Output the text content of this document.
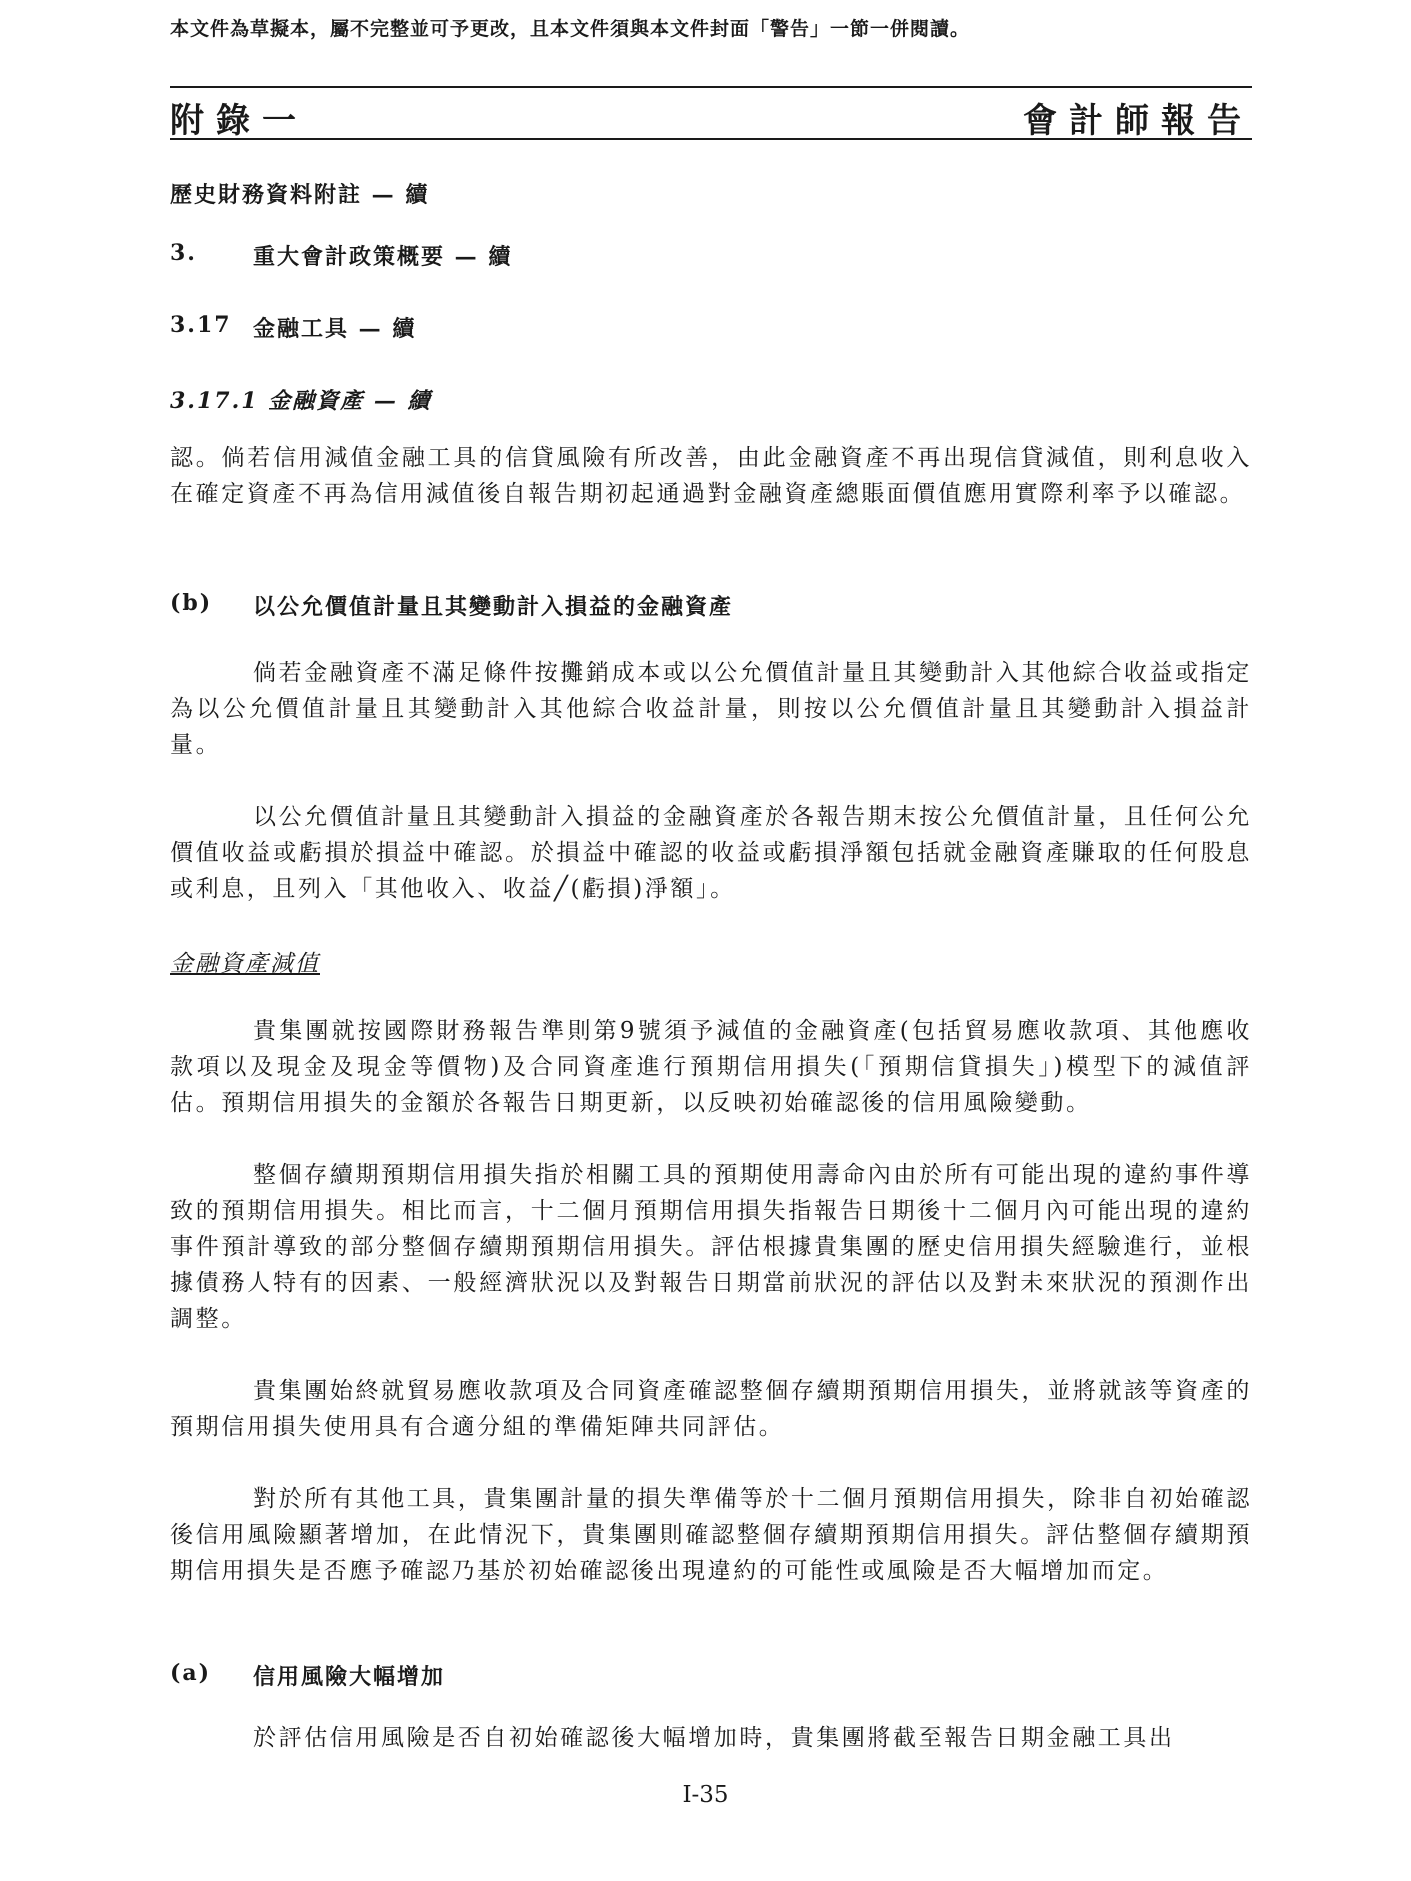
本文件為草擬本，屬不完整並可予更改，且本文件須與本文件封面「警告」一節一併閱讀。
附錄一	會計師報告
歷史財務資料附註 — 續
3.	重大會計政策概要 — 續
3.17 金融工具 — 續
3.17.1 金融資產 — 續
認。倘若信用減值金融工具的信貸風險有所改善，由此金融資產不再出現信貸減值，則利息收入在確定資產不再為信用減值後自報告期初起通過對金融資產總賬面價值應用實際利率予以確認。
(b) 以公允價值計量且其變動計入損益的金融資產
倘若金融資產不滿足條件按攤銷成本或以公允價值計量且其變動計入其他綜合收益或指定為以公允價值計量且其變動計入其他綜合收益計量，則按以公允價值計量且其變動計入損益計量。
以公允價值計量且其變動計入損益的金融資產於各報告期末按公允價值計量，且任何公允價值收益或虧損於損益中確認。於損益中確認的收益或虧損淨額包括就金融資產賺取的任何股息或利息，且列入「其他收入、收益╱(虧損)淨額」。
金融資產減值
貴集團就按國際財務報告準則第9號須予減值的金融資產(包括貿易應收款項、其他應收款項以及現金及現金等價物)及合同資產進行預期信用損失(「預期信貸損失」)模型下的減值評估。預期信用損失的金額於各報告日期更新，以反映初始確認後的信用風險變動。
整個存續期預期信用損失指於相關工具的預期使用壽命內由於所有可能出現的違約事件導致的預期信用損失。相比而言，十二個月預期信用損失指報告日期後十二個月內可能出現的違約事件預計導致的部分整個存續期預期信用損失。評估根據貴集團的歷史信用損失經驗進行，並根據債務人特有的因素、一般經濟狀況以及對報告日期當前狀況的評估以及對未來狀況的預測作出調整。
貴集團始終就貿易應收款項及合同資產確認整個存續期預期信用損失，並將就該等資產的預期信用損失使用具有合適分組的準備矩陣共同評估。
對於所有其他工具，貴集團計量的損失準備等於十二個月預期信用損失，除非自初始確認後信用風險顯著增加，在此情況下，貴集團則確認整個存續期預期信用損失。評估整個存續期預期信用損失是否應予確認乃基於初始確認後出現違約的可能性或風險是否大幅增加而定。
(a) 信用風險大幅增加
於評估信用風險是否自初始確認後大幅增加時，貴集團將截至報告日期金融工具出
I-35
